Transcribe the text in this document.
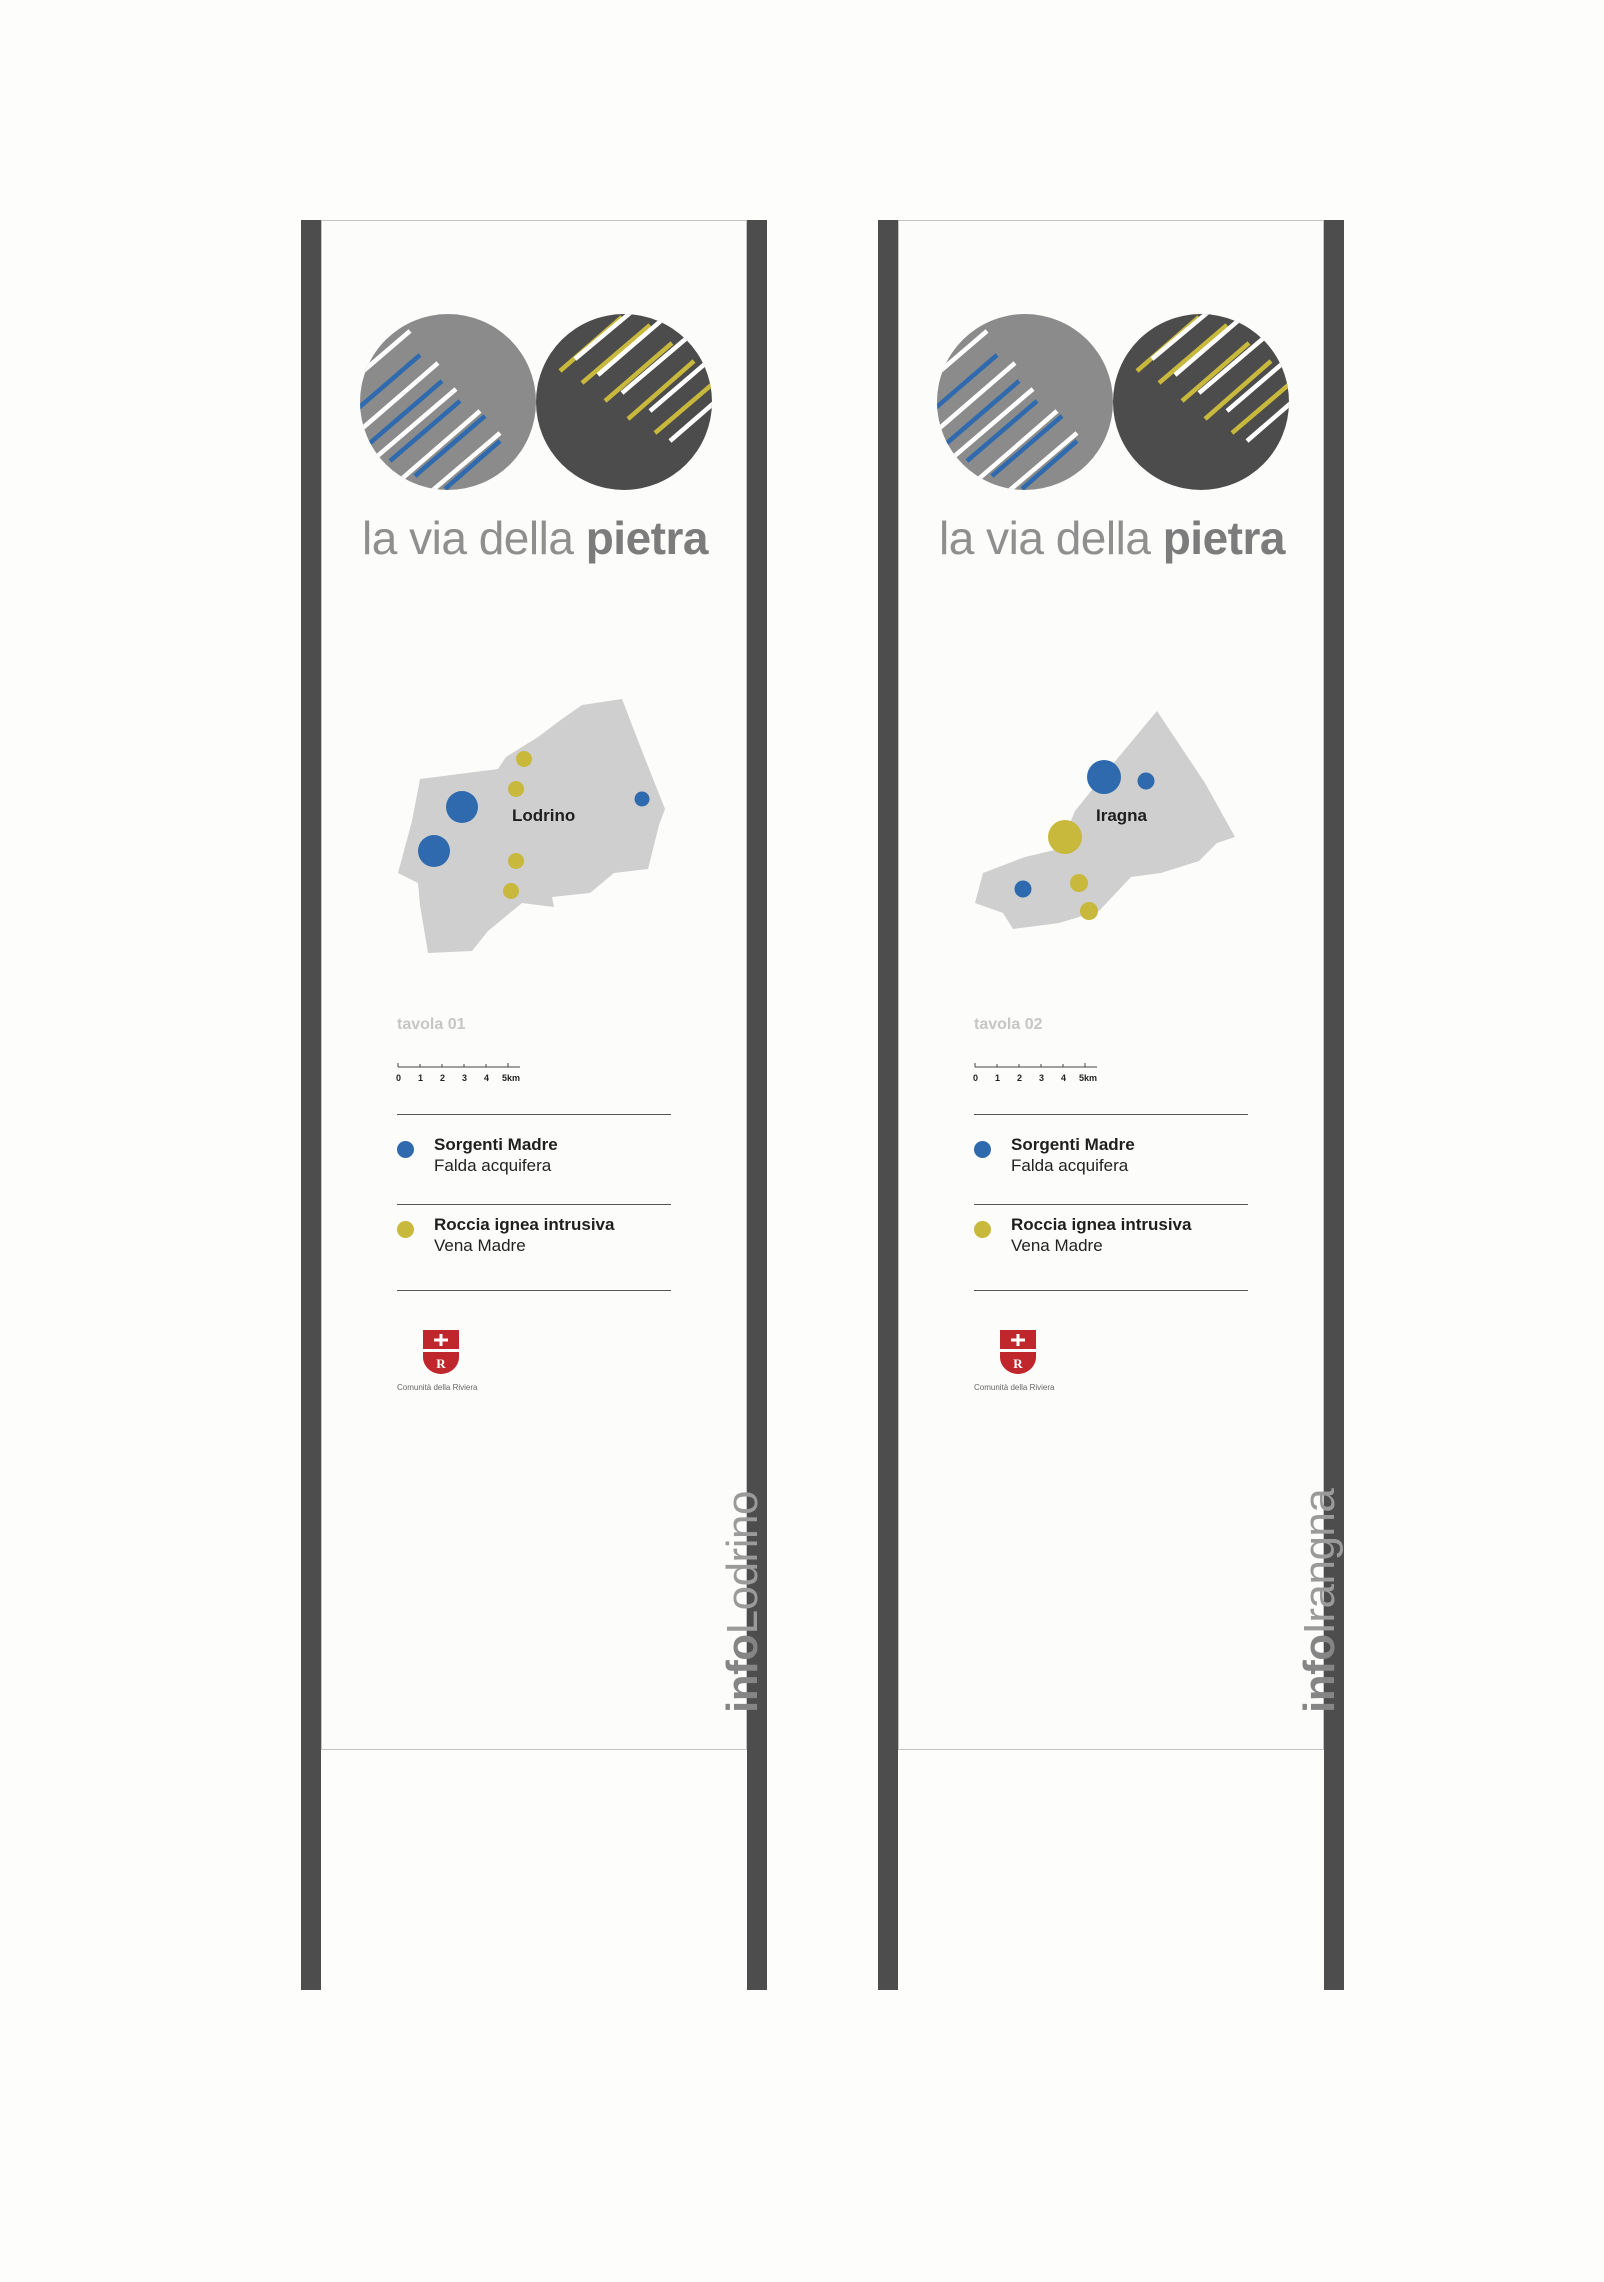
la via della pietra
Lodrino
tavola 01
0 1 2 3 4 5km
Sorgenti Madre
Falda acquifera
Roccia ignea intrusiva
Vena Madre
R
Comunità della Riviera
infoLodrino
la via della pietra
Iragna
tavola 02
0 1 2 3 4 5km
Sorgenti Madre
Falda acquifera
Roccia ignea intrusiva
Vena Madre
R
Comunità della Riviera
infoIrangna
